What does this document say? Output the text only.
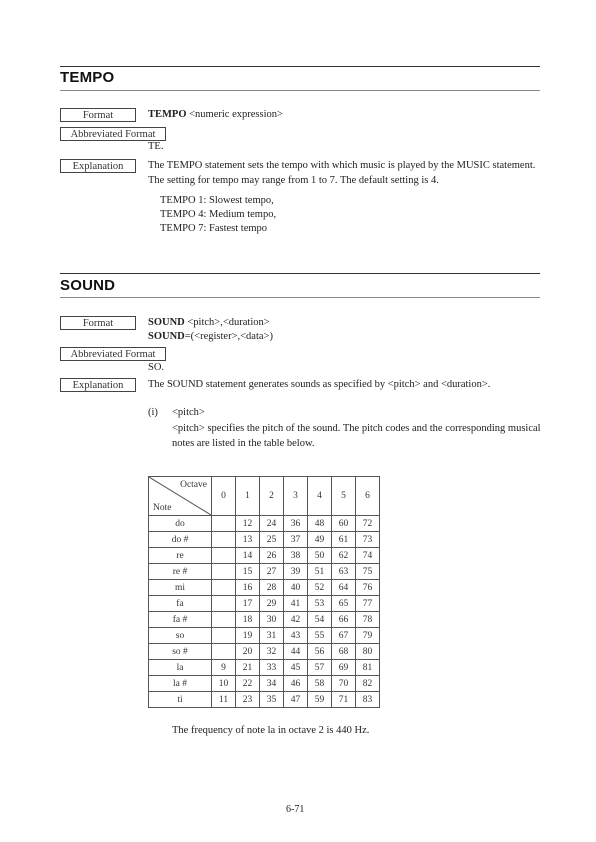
TEMPO
Format	TEMPO <numeric expression>
Abbreviated Format
TE.
Explanation	The TEMPO statement sets the tempo with which music is played by the MUSIC statement. The setting for tempo may range from 1 to 7. The default setting is 4.
TEMPO 1: Slowest tempo,
TEMPO 4: Medium tempo,
TEMPO 7: Fastest tempo
SOUND
Format	SOUND <pitch>,<duration>
SOUND=(<register>,<data>)
Abbreviated Format
SO.
Explanation	The SOUND statement generates sounds as specified by <pitch> and <duration>.
(i) <pitch>
<pitch> specifies the pitch of the sound. The pitch codes and the corresponding musical notes are listed in the table below.
Octave
Note	0	1	2	3	4	5	6
do		12	24	36	48	60	72
do #		13	25	37	49	61	73
re		14	26	38	50	62	74
re #		15	27	39	51	63	75
mi		16	28	40	52	64	76
fa		17	29	41	53	65	77
fa #		18	30	42	54	66	78
so		19	31	43	55	67	79
so #		20	32	44	56	68	80
la	9	21	33	45	57	69	81
la #	10	22	34	46	58	70	82
ti	11	23	35	47	59	71	83
The frequency of note la in octave 2 is 440 Hz.
6-71
